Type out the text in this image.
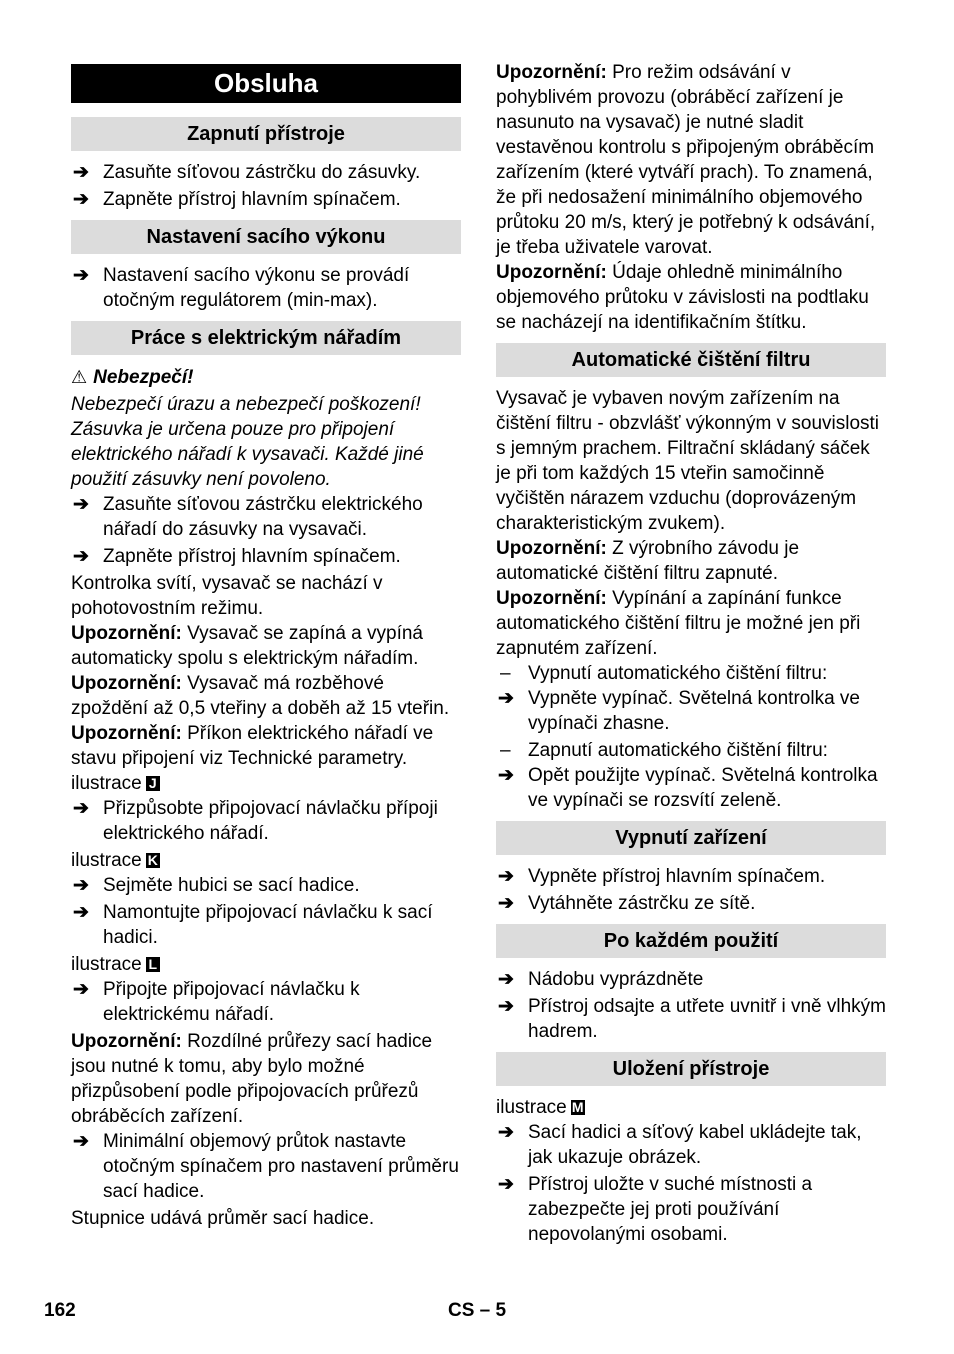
Obsluha
Zapnutí přístroje
➔ Zasuňte síťovou zástrčku do zásuvky.
➔ Zapněte přístroj hlavním spínačem.
Nastavení sacího výkonu
➔ Nastavení sacího výkonu se provádí otočným regulátorem (min-max).
Práce s elektrickým nářadím
⚠ Nebezpečí!

Nebezpečí úrazu a nebezpečí poškození! Zásuvka je určena pouze pro připojení elektrického nářadí k vysavači. Každé jiné použití zásuvky není povoleno.

➔ Zasuňte síťovou zástrčku elektrického nářadí do zásuvky na vysavači.
➔ Zapněte přístroj hlavním spínačem.

Kontrolka svítí, vysavač se nachází v pohotovostním režimu.

Upozornění: Vysavač se zapíná a vypíná automaticky spolu s elektrickým nářadím.

Upozornění: Vysavač má rozběhové zpoždění až 0,5 vteřiny a doběh až 15 vteřin.

Upozornění: Příkon elektrického nářadí ve stavu připojení viz Technické parametry.

ilustrace J

➔ Přizpůsobte připojovací návlačku přípoji elektrického nářadí.

ilustrace K

➔ Sejměte hubici se sací hadice.
➔ Namontujte připojovací návlačku k sací hadici.

ilustrace L

➔ Připojte připojovací návlačku k elektrickému nářadí.

Upozornění: Rozdílné průřezy sací hadice jsou nutné k tomu, aby bylo možné přizpůsobení podle připojovacích průřezů obráběcích zařízení.

➔ Minimální objemový průtok nastavte otočným spínačem pro nastavení průměru sací hadice.

Stupnice udává průměr sací hadice.

Upozornění: Pro režim odsávání v pohyblivém provozu (obráběcí zařízení je nasunuto na vysavač) je nutné sladit vestavěnou kontrolu s připojeným obráběcím zařízením (které vytváří prach). To znamená, že při nedosažení minimálního objemového průtoku 20 m/s, který je potřebný k odsávání, je třeba uživatele varovat.

Upozornění: Údaje ohledně minimálního objemového průtoku v závislosti na podtlaku se nacházejí na identifikačním štítku.

Automatické čištění filtru

Vysavač je vybaven novým zařízením na čištění filtru - obzvlášť výkonným v souvislosti s jemným prachem. Filtrační skládaný sáček je při tom každých 15 vteřin samočinně vyčištěn nárazem vzduchu (doprovázeným charakteristickým zvukem).

Upozornění: Z výrobního závodu je automatické čištění filtru zapnuté.

Upozornění: Vypínání a zapínání funkce automatického čištění filtru je možné jen při zapnutém zařízení.

– Vypnutí automatického čištění filtru:
➔ Vypněte vypínač. Světelná kontrolka ve vypínači zhasne.
– Zapnutí automatického čištění filtru:
➔ Opět použijte vypínač. Světelná kontrolka ve vypínači se rozsvítí zeleně.
Vypnutí zařízení
➔ Vypněte přístroj hlavním spínačem.
➔ Vytáhněte zástrčku ze sítě.
Po každém použití
➔ Nádobu vyprázdněte
➔ Přístroj odsajte a utřete uvnitř i vně vlhkým hadrem.
Uložení přístroje

ilustrace M

➔ Sací hadici a síťový kabel ukládejte tak, jak ukazuje obrázek.
➔ Přístroj uložte v suché místnosti a zabezpečte jej proti používání nepovolanými osobami.
162	CS – 5
